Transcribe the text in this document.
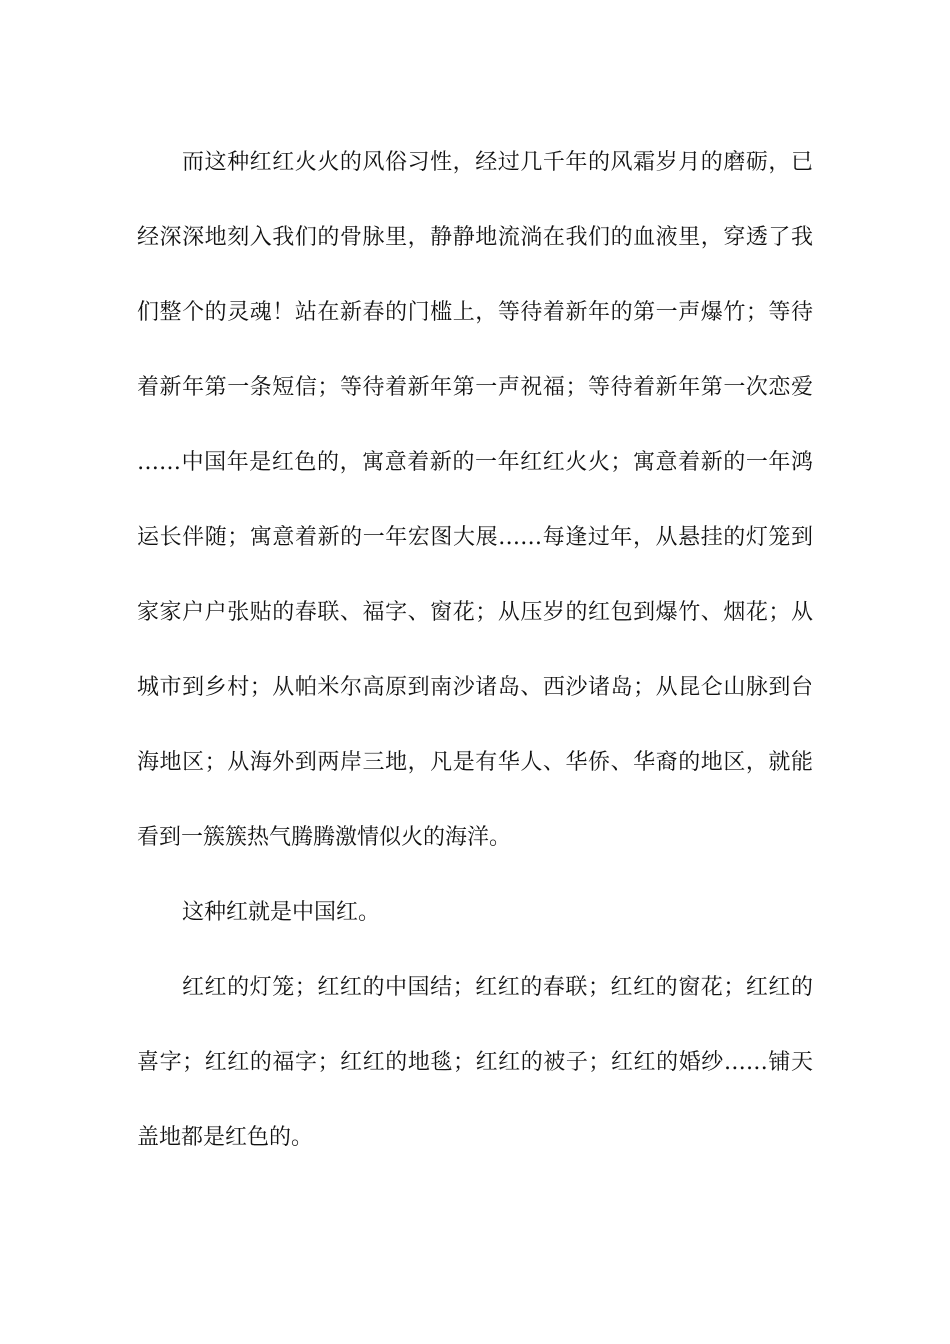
而这种红红火火的风俗习性，经过几千年的风霜岁月的磨砺，已
经深深地刻入我们的骨脉里，静静地流淌在我们的血液里，穿透了我
们整个的灵魂！站在新春的门槛上，等待着新年的第一声爆竹；等待
着新年第一条短信；等待着新年第一声祝福；等待着新年第一次恋爱
……中国年是红色的，寓意着新的一年红红火火；寓意着新的一年鸿
运长伴随；寓意着新的一年宏图大展……每逢过年，从悬挂的灯笼到
家家户户张贴的春联、福字、窗花；从压岁的红包到爆竹、烟花；从
城市到乡村；从帕米尔高原到南沙诸岛、西沙诸岛；从昆仑山脉到台
海地区；从海外到两岸三地，凡是有华人、华侨、华裔的地区，就能
看到一簇簇热气腾腾激情似火的海洋。
这种红就是中国红。
红红的灯笼；红红的中国结；红红的春联；红红的窗花；红红的
喜字；红红的福字；红红的地毯；红红的被子；红红的婚纱……铺天
盖地都是红色的。
